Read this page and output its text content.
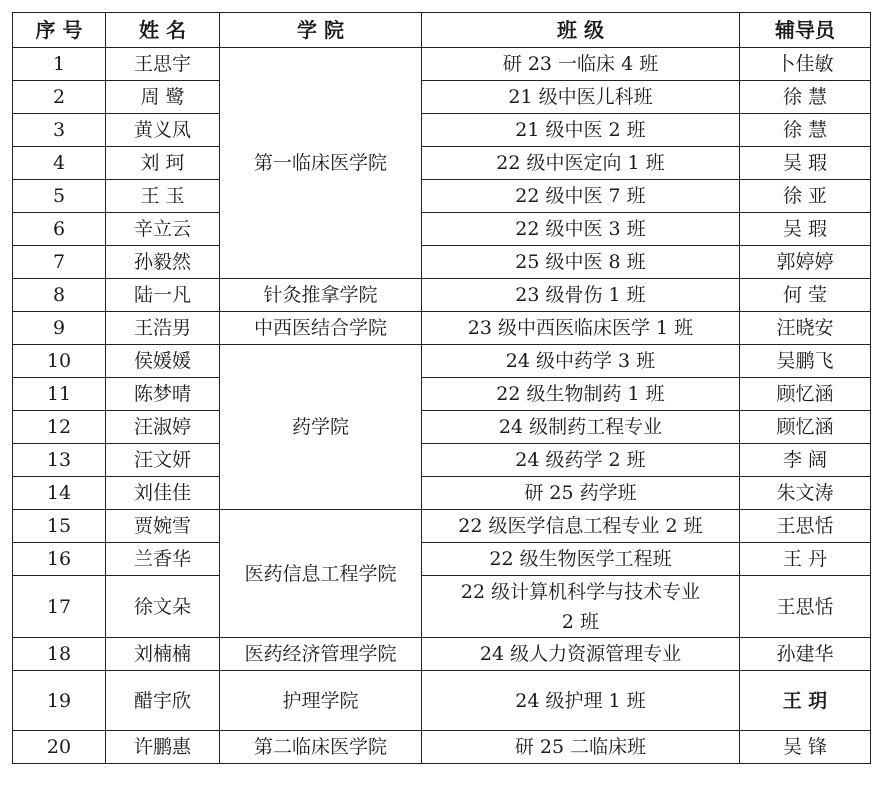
序 号	姓 名	学 院	班 级	辅导员
1	王思宇	第一临床医学院	研 23 一临床 4 班	卜佳敏
2	周 鹭		21 级中医儿科班	徐 慧
3	黄义凤		21 级中医 2 班	徐 慧
4	刘 珂		22 级中医定向 1 班	吴 瑕
5	王 玉		22 级中医 7 班	徐 亚
6	辛立云		22 级中医 3 班	吴 瑕
7	孙毅然		25 级中医 8 班	郭婷婷
8	陆一凡	针灸推拿学院	23 级骨伤 1 班	何 莹
9	王浩男	中西医结合学院	23 级中西医临床医学 1 班	汪晓安
10	侯媛媛	药学院	24 级中药学 3 班	吴鹏飞
11	陈梦晴		22 级生物制药 1 班	顾忆涵
12	汪淑婷		24 级制药工程专业	顾忆涵
13	汪文妍		24 级药学 2 班	李 阔
14	刘佳佳		研 25 药学班	朱文涛
15	贾婉雪	医药信息工程学院	22 级医学信息工程专业 2 班	王思恬
16	兰香华		22 级生物医学工程班	王 丹
17	徐文朵		22 级计算机科学与技术专业 2 班	王思恬
18	刘楠楠	医药经济管理学院	24 级人力资源管理专业	孙建华
19	醋宇欣	护理学院	24 级护理 1 班	王 玥
20	许鹏惠	第二临床医学院	研 25 二临床班	吴 锋
